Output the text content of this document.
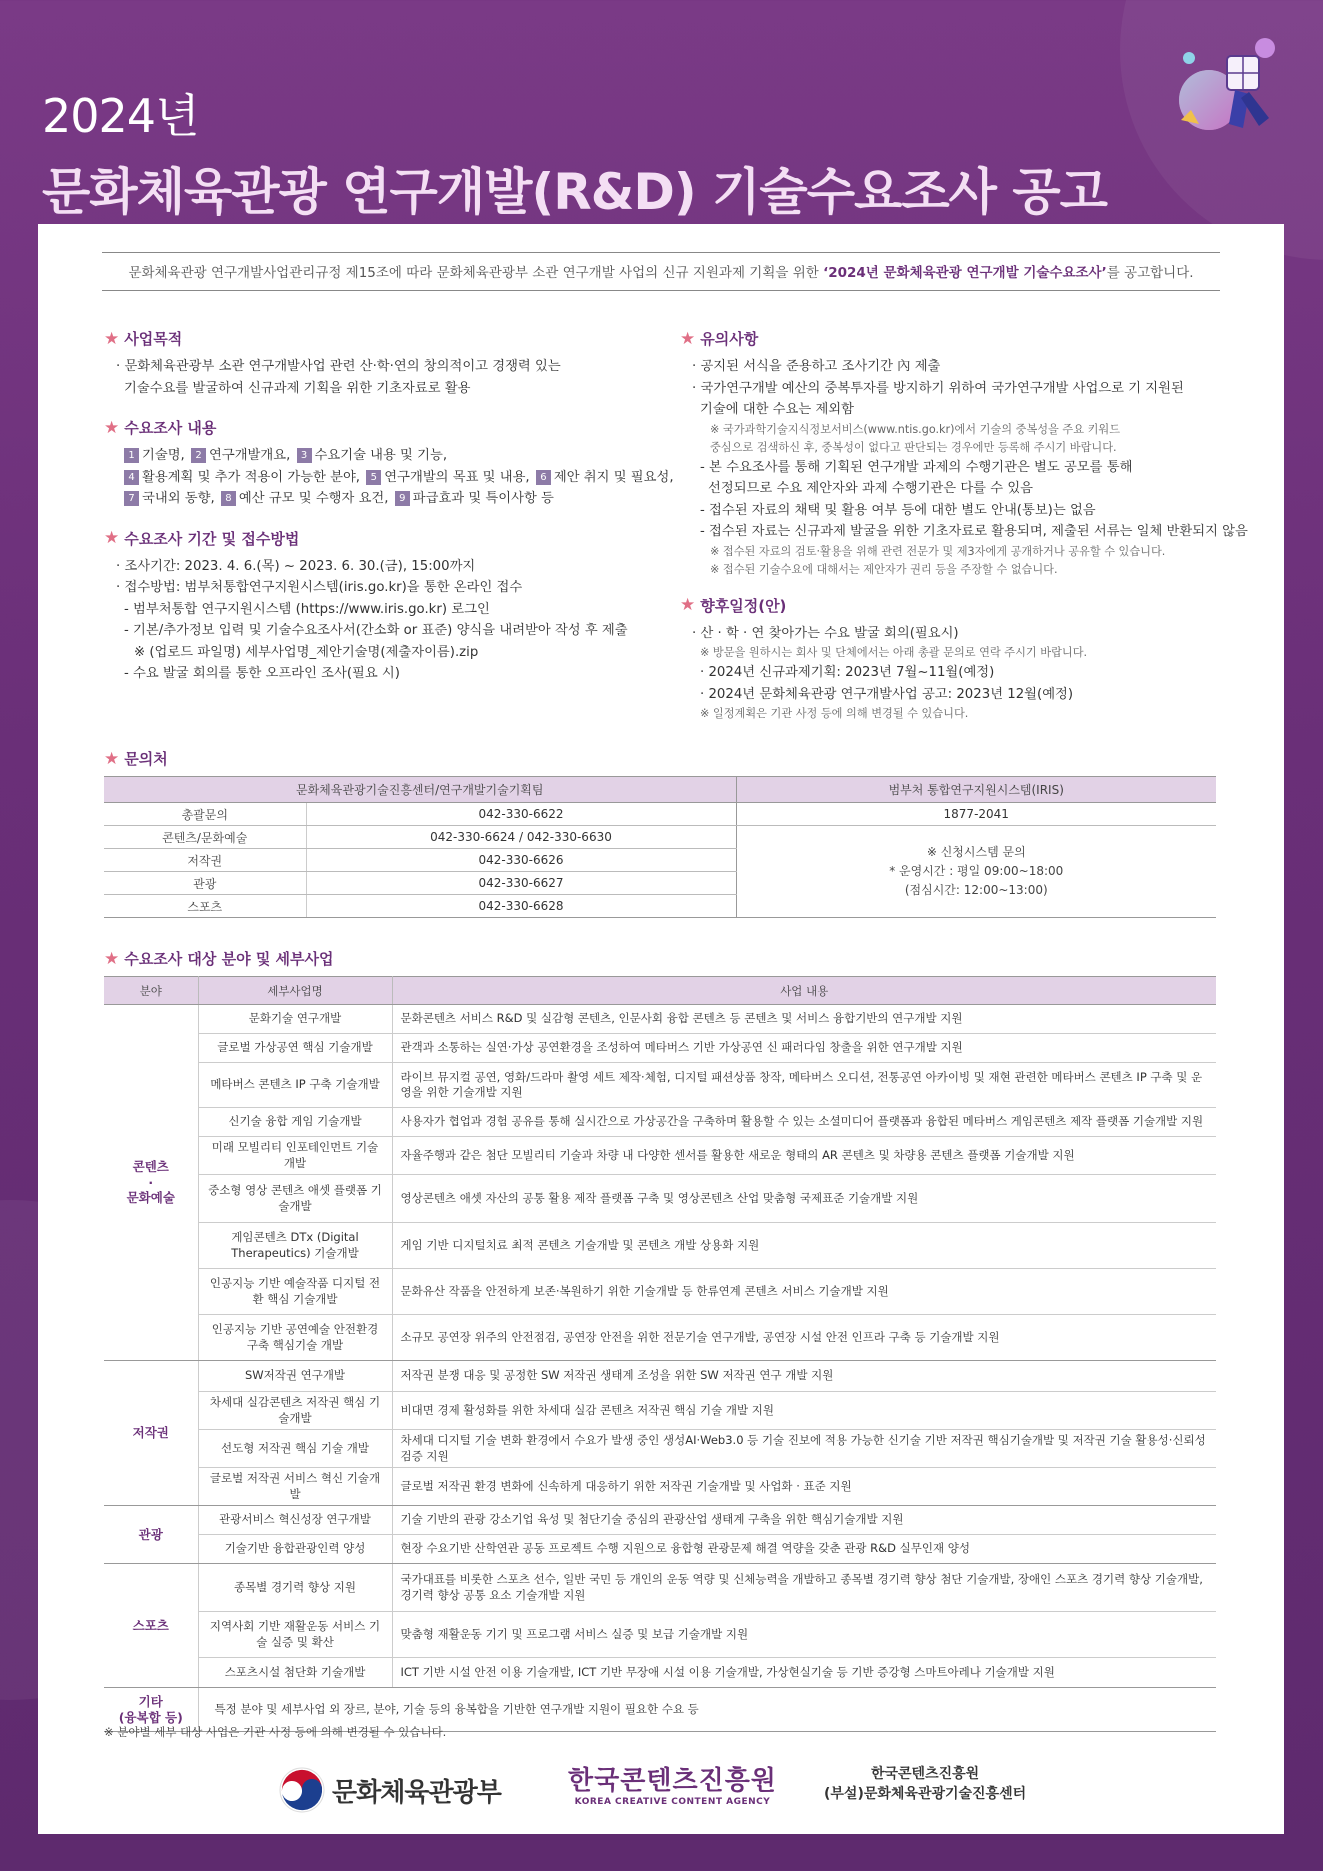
2024년
문화체육관광 연구개발(R&D) 기술수요조사 공고
문화체육관광 연구개발사업관리규정 제15조에 따라 문화체육관광부 소관 연구개발 사업의 신규 지원과제 기획을 위한 ‘2024년 문화체육관광 연구개발 기술수요조사’를 공고합니다.
★ 사업목적
· 문화체육관광부 소관 연구개발사업 관련 산·학·연의 창의적이고 경쟁력 있는
기술수요를 발굴하여 신규과제 기획을 위한 기초자료로 활용
★ 수요조사 내용
1 기술명, 2 연구개발개요, 3 수요기술 내용 및 기능,
4 활용계획 및 추가 적용이 가능한 분야, 5 연구개발의 목표 및 내용, 6 제안 취지 및 필요성,
7 국내외 동향, 8 예산 규모 및 수행자 요건, 9 파급효과 및 특이사항 등
★ 수요조사 기간 및 접수방법
· 조사기간: 2023. 4. 6.(목) ~ 2023. 6. 30.(금), 15:00까지
· 접수방법: 범부처통합연구지원시스템(iris.go.kr)을 통한 온라인 접수
- 범부처통합 연구지원시스템 (https://www.iris.go.kr) 로그인
- 기본/추가정보 입력 및 기술수요조사서(간소화 or 표준) 양식을 내려받아 작성 후 제출
※ (업로드 파일명) 세부사업명_제안기술명(제출자이름).zip
- 수요 발굴 회의를 통한 오프라인 조사(필요 시)
★ 유의사항
· 공지된 서식을 준용하고 조사기간 內 제출
· 국가연구개발 예산의 중복투자를 방지하기 위하여 국가연구개발 사업으로 기 지원된
기술에 대한 수요는 제외함
※ 국가과학기술지식정보서비스(www.ntis.go.kr)에서 기술의 중복성을 주요 키워드
중심으로 검색하신 후, 중복성이 없다고 판단되는 경우에만 등록해 주시기 바랍니다.
- 본 수요조사를 통해 기획된 연구개발 과제의 수행기관은 별도 공모를 통해
선정되므로 수요 제안자와 과제 수행기관은 다를 수 있음
- 접수된 자료의 채택 및 활용 여부 등에 대한 별도 안내(통보)는 없음
- 접수된 자료는 신규과제 발굴을 위한 기초자료로 활용되며, 제출된 서류는 일체 반환되지 않음
※ 접수된 자료의 검토·활용을 위해 관련 전문가 및 제3자에게 공개하거나 공유할 수 있습니다.
※ 접수된 기술수요에 대해서는 제안자가 권리 등을 주장할 수 없습니다.
★ 향후일정(안)
· 산 · 학 · 연 찾아가는 수요 발굴 회의(필요시)
※ 방문을 원하시는 회사 및 단체에서는 아래 총괄 문의로 연락 주시기 바랍니다.
· 2024년 신규과제기획: 2023년 7월~11월(예정)
· 2024년 문화체육관광 연구개발사업 공고: 2023년 12월(예정)
※ 일정계획은 기관 사정 등에 의해 변경될 수 있습니다.
★ 문의처
문화체육관광기술진흥센터/연구개발기술기획팀		범부처 통합연구지원시스템(IRIS)
총괄문의	042-330-6622	1877-2041
콘텐츠/문화예술	042-330-6624 / 042-330-6630	※ 신청시스템 문의
* 운영시간 : 평일 09:00~18:00
(점심시간: 12:00~13:00)

저작권	042-330-6626	
관광	042-330-6627	
스포츠	042-330-6628	
★ 수요조사 대상 분야 및 세부사업
분야	세부사업명	사업 내용

콘텐츠
·
문화예술	문화기술 연구개발	문화콘텐츠 서비스 R&D 및 실감형 콘텐츠, 인문사회 융합 콘텐츠 등 콘텐츠 및 서비스 융합기반의 연구개발 지원
	글로벌 가상공연 핵심 기술개발	관객과 소통하는 실연·가상 공연환경을 조성하여 메타버스 기반 가상공연 신 패러다임 창출을 위한 연구개발 지원
	메타버스 콘텐츠 IP 구축 기술개발	라이브 뮤지컬 공연, 영화/드라마 촬영 세트 제작·체험, 디지털 패션상품 창작, 메타버스 오디션, 전통공연 아카이빙 및 재현 관련한 메타버스 콘텐츠 IP 구축 및 운영을 위한 기술개발 지원
	신기술 융합 게임 기술개발	사용자가 협업과 경험 공유를 통해 실시간으로 가상공간을 구축하며 활용할 수 있는 소셜미디어 플랫폼과 융합된 메타버스 게임콘텐츠 제작 플랫폼 기술개발 지원
	미래 모빌리티 인포테인먼트 기술개발	자율주행과 같은 첨단 모빌리티 기술과 차량 내 다양한 센서를 활용한 새로운 형태의 AR 콘텐츠 및 차량용 콘텐츠 플랫폼 기술개발 지원
	중소형 영상 콘텐츠 애셋 플랫폼 기술개발	영상콘텐츠 애셋 자산의 공통 활용 제작 플랫폼 구축 및 영상콘텐츠 산업 맞춤형 국제표준 기술개발 지원
	게임콘텐츠 DTx (Digital Therapeutics) 기술개발	게임 기반 디지털치료 최적 콘텐츠 기술개발 및 콘텐츠 개발 상용화 지원
	인공지능 기반 예술작품 디지털 전환 핵심 기술개발	문화유산 작품을 안전하게 보존·복원하기 위한 기술개발 등 한류연계 콘텐츠 서비스 기술개발 지원
	인공지능 기반 공연예술 안전환경 구축 핵심기술 개발	소규모 공연장 위주의 안전점검, 공연장 안전을 위한 전문기술 연구개발, 공연장 시설 안전 인프라 구축 등 기술개발 지원
저작권	SW저작권 연구개발	저작권 분쟁 대응 및 공정한 SW 저작권 생태계 조성을 위한 SW 저작권 연구 개발 지원
	차세대 실감콘텐츠 저작권 핵심 기술개발	비대면 경제 활성화를 위한 차세대 실감 콘텐츠 저작권 핵심 기술 개발 지원
	선도형 저작권 핵심 기술 개발	차세대 디지털 기술 변화 환경에서 수요가 발생 중인 생성AI·Web3.0 등 기술 진보에 적용 가능한 신기술 기반 저작권 핵심기술개발 및 저작권 기술 활용성·신뢰성 검증 지원
	글로벌 저작권 서비스 혁신 기술개발	글로벌 저작권 환경 변화에 신속하게 대응하기 위한 저작권 기술개발 및 사업화 · 표준 지원
관광	관광서비스 혁신성장 연구개발	기술 기반의 관광 강소기업 육성 및 첨단기술 중심의 관광산업 생태계 구축을 위한 핵심기술개발 지원
	기술기반 융합관광인력 양성	현장 수요기반 산학연관 공동 프로젝트 수행 지원으로 융합형 관광문제 해결 역량을 갖춘 관광 R&D 실무인재 양성
스포츠	종목별 경기력 향상 지원	국가대표를 비롯한 스포츠 선수, 일반 국민 등 개인의 운동 역량 및 신체능력을 개발하고 종목별 경기력 향상 첨단 기술개발, 장애인 스포츠 경기력 향상 기술개발, 경기력 향상 공통 요소 기술개발 지원
	지역사회 기반 재활운동 서비스 기술 실증 및 확산	맞춤형 재활운동 기기 및 프로그램 서비스 실증 및 보급 기술개발 지원
	스포츠시설 첨단화 기술개발	ICT 기반 시설 안전 이용 기술개발, ICT 기반 무장애 시설 이용 기술개발, 가상현실기술 등 기반 증강형 스마트아레나 기술개발 지원

기타
(융복합 등)	특정 분야 및 세부사업 외 장르, 분야, 기술 등의 융복합을 기반한 연구개발 지원이 필요한 수요 등	
※ 분야별 세부 대상 사업은 기관 사정 등에 의해 변경될 수 있습니다.
문화체육관광부	한국콘텐츠진흥원
KOREA CREATIVE CONTENT AGENCY
한국콘텐츠진흥원
(부설)문화체육관광기술진흥센터
